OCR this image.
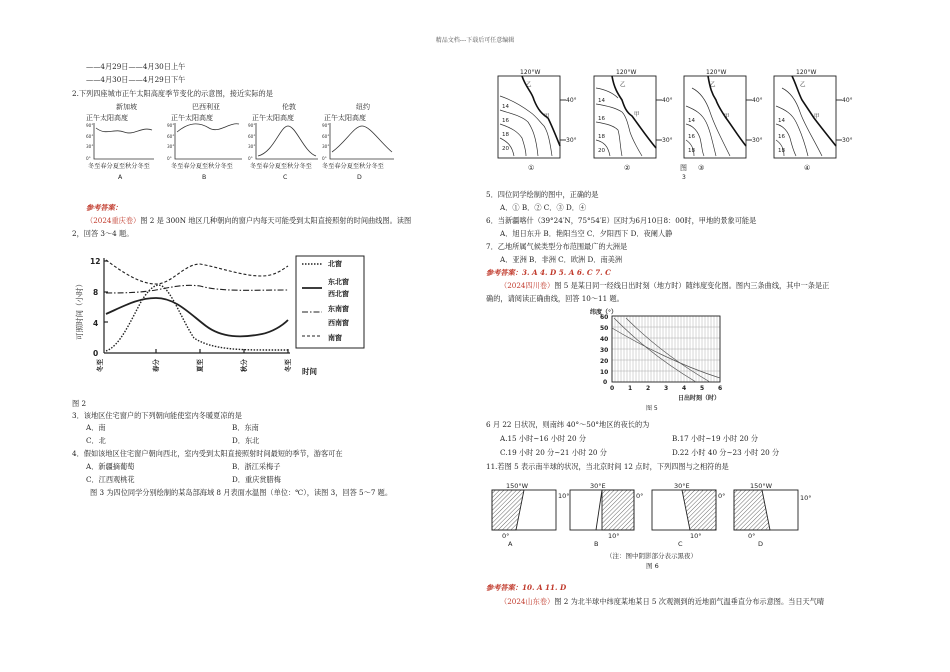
精品文档---下载后可任意编辑
——4月29日——4月30日上午
——4月30日——4月29日下午
2.下列四座城市正午太阳高度季节变化的示意图，接近实际的是
新加坡	巴西利亚	伦敦	纽约
正午太阳高度	正午太阳高度	正午太阳高度	正午太阳高度
90°
60°
30°
0°
90°
60°
30°
0°
90°
60°
30°
0°
90°
60°
30°
0°
冬至春分夏至秋分冬至	冬至春分夏至秋分冬至	冬至春分夏至秋分冬至 冬至春分夏至秋分冬至
A	B	C	D
参考答案：
（2024重庆卷）图 2 是 300N 地区几种朝向的窗户内每天可能受到太阳直接照射的时间曲线图。读图
2，回答 3～4 题。
可照时间（小时）
12
8
4
0
冬至	春分	夏至	秋分	冬至 时间
北窗
东北窗
西北窗
东南窗
西南窗
南窗
图 2
3．该地区住宅窗户的下列朝向能使室内冬暖夏凉的是
A．南	B．东南
C．北	D．东北
4．假如该地区住宅窗户朝向西北，室内受到太阳直接照射时间最短的季节，游客可在
A．新疆摘葡萄	B．浙江采梅子
C．江西观桃花	D．重庆赏腊梅
图 3 为四位同学分别绘制的某岛部海域 8 月表面水温图（单位：℃），读图 3，回答 5～7 题。
120°W	120°W	120°W	120°W
40°
30°
40°
30°
40°
30°
40°
30°
甲	甲	甲	甲
乙	乙	乙	乙
14
16
18
20
14
16
18
20
14
16
18
14
16
18
①	②	③	④
图
3
5．四位同学绘制的图中，正确的是
A．① B．② C．③ D．④
6．当新疆喀什（39°24′N，75°54′E）区时为6月10日8：00时，甲地的景象可能是
A．旭日东升 B．艳阳当空 C．夕阳西下 D．夜阑人静
7．乙地所属气候类型分布范围最广的大洲是
A．亚洲 B．非洲 C．欧洲 D．南美洲
参考答案：3. A 4. D 5. A 6. C 7. C
（2024四川卷）图 5 是某日同一经线日出时刻（地方时）随纬度变化图。图内三条曲线，其中一条是正
确的，请阅读正确曲线，回答 10～11 题。
纬度（°）
60
50
40
30
20
10
0
0 1 2 3 4 5 6
日出时刻（时）
图 5
6 月 22 日状况，则南纬 40°～50°地区的夜长的为
A.15 小时~16 小时 20 分	B.17 小时~19 小时 20 分
C.19 小时 20 分~21 小时 20 分	D.22 小时 40 分~23 小时 20 分
11.若图 5 表示南半球的状况，当北京时间 12 点时，下列四图与之相符的是
150°W	30°E	30°E	150°W
10°	0°	0°	10°
0°	10°	10°	0°
A	B	C	D
（注：图中阴影部分表示黑夜）
图 6
参考答案：10. A 11. D
（2024山东卷）图 2 为北半球中纬度某地某日 5 次观测到的近地面气温垂直分布示意图。当日天气晴
